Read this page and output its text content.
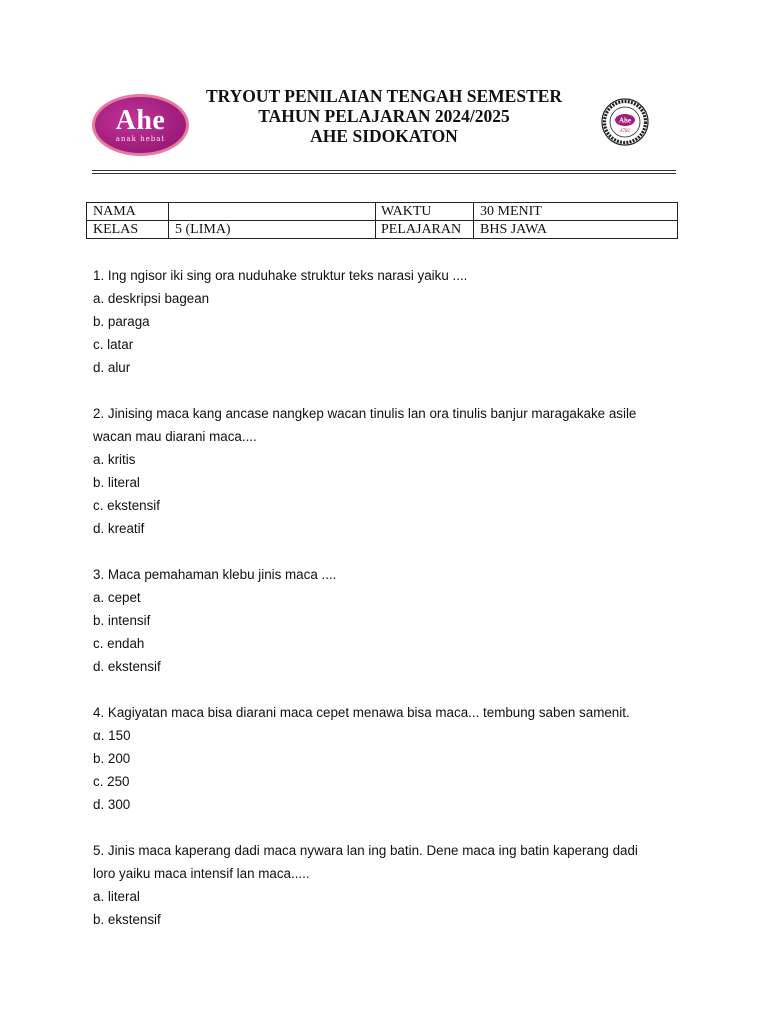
Ahe
anak hebat
TRYOUT PENILAIAN TENGAH SEMESTER
TAHUN PELAJARAN 2024/2025
AHE SIDOKATON
Ahe
4782
NAMA		WAKTU	30 MENIT
KELAS	5 (LIMA)	PELAJARAN	BHS JAWA

1. Ing ngisor iki sing ora nuduhake struktur teks narasi yaiku ....

a. deskripsi bagean

b. paraga

c. latar

d. alur

2. Jinising maca kang ancase nangkep wacan tinulis lan ora tinulis banjur maragakake asile

wacan mau diarani maca....

a. kritis

b. literal

c. ekstensif

d. kreatif

3. Maca pemahaman klebu jinis maca ....

a. cepet

b. intensif

c. endah

d. ekstensif

4. Kagiyatan maca bisa diarani maca cepet menawa bisa maca... tembung saben samenit.

α. 150

b. 200

c. 250

d. 300

5. Jinis maca kaperang dadi maca nywara lan ing batin. Dene maca ing batin kaperang dadi

loro yaiku maca intensif lan maca.....

a. literal

b. ekstensif
